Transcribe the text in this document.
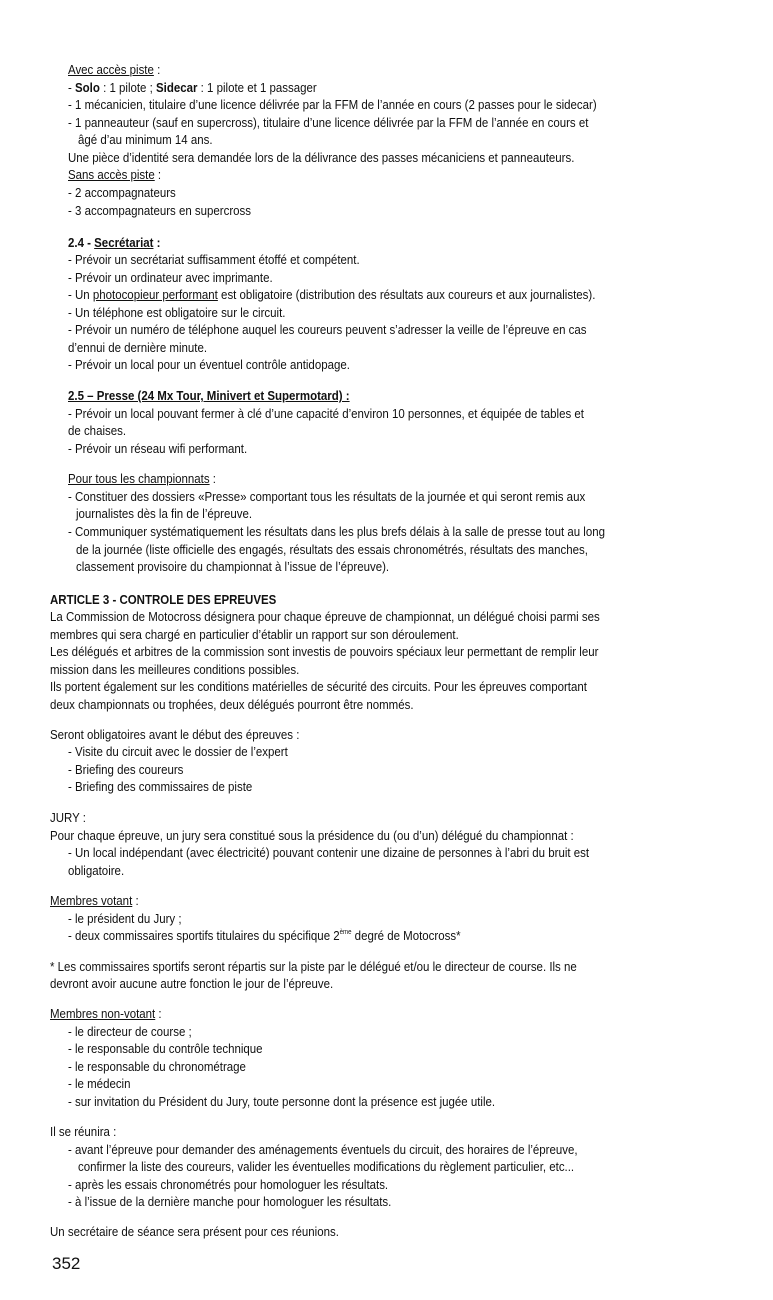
Avec accès piste :
- Solo : 1 pilote ; Sidecar : 1 pilote et 1 passager
- 1 mécanicien, titulaire d’une licence délivrée par la FFM de l’année en cours (2 passes pour le sidecar)
- 1 panneauteur (sauf en supercross), titulaire d’une licence délivrée par la FFM de l’année en cours et
âgé d’au minimum 14 ans.
Une pièce d’identité sera demandée lors de la délivrance des passes mécaniciens et panneauteurs.
Sans accès piste :
- 2 accompagnateurs
- 3 accompagnateurs en supercross
2.4 - Secrétariat :
- Prévoir un secrétariat suffisamment étoffé et compétent.
- Prévoir un ordinateur avec imprimante.
- Un photocopieur performant est obligatoire (distribution des résultats aux coureurs et aux journalistes).
- Un téléphone est obligatoire sur le circuit.
- Prévoir un numéro de téléphone auquel les coureurs peuvent s’adresser la veille de l’épreuve en cas
d’ennui de dernière minute.
- Prévoir un local pour un éventuel contrôle antidopage.
2.5 – Presse (24 Mx Tour, Minivert et Supermotard) :
- Prévoir un local pouvant fermer à clé d’une capacité d’environ 10 personnes, et équipée de tables et
de chaises.
- Prévoir un réseau wifi performant.
Pour tous les championnats :
- Constituer des dossiers «Presse» comportant tous les résultats de la journée et qui seront remis aux
journalistes dès la fin de l’épreuve.
- Communiquer systématiquement les résultats dans les plus brefs délais à la salle de presse tout au long
de la journée (liste officielle des engagés, résultats des essais chronométrés, résultats des manches,
classement provisoire du championnat à l’issue de l’épreuve).
ARTICLE 3 - CONTROLE DES EPREUVES
La Commission de Motocross désignera pour chaque épreuve de championnat, un délégué choisi parmi ses
membres qui sera chargé en particulier d’établir un rapport sur son déroulement.
Les délégués et arbitres de la commission sont investis de pouvoirs spéciaux leur permettant de remplir leur
mission dans les meilleures conditions possibles.
Ils portent également sur les conditions matérielles de sécurité des circuits. Pour les épreuves comportant
deux championnats ou trophées, deux délégués pourront être nommés.
Seront obligatoires avant le début des épreuves :
- Visite du circuit avec le dossier de l’expert
- Briefing des coureurs
- Briefing des commissaires de piste
JURY :
Pour chaque épreuve, un jury sera constitué sous la présidence du (ou d’un) délégué du championnat :
- Un local indépendant (avec électricité) pouvant contenir une dizaine de personnes à l’abri du bruit est
obligatoire.
Membres votant :
- le président du Jury ;
- deux commissaires sportifs titulaires du spécifique 2ème degré de Motocross*
* Les commissaires sportifs seront répartis sur la piste par le délégué et/ou le directeur de course. Ils ne
devront avoir aucune autre fonction le jour de l’épreuve.
Membres non-votant :
- le directeur de course ;
- le responsable du contrôle technique
- le responsable du chronométrage
- le médecin
- sur invitation du Président du Jury, toute personne dont la présence est jugée utile.
Il se réunira :
- avant l’épreuve pour demander des aménagements éventuels du circuit, des horaires de l’épreuve,
confirmer la liste des coureurs, valider les éventuelles modifications du règlement particulier, etc...
- après les essais chronométrés pour homologuer les résultats.
- à l’issue de la dernière manche pour homologuer les résultats.
Un secrétaire de séance sera présent pour ces réunions.
352
